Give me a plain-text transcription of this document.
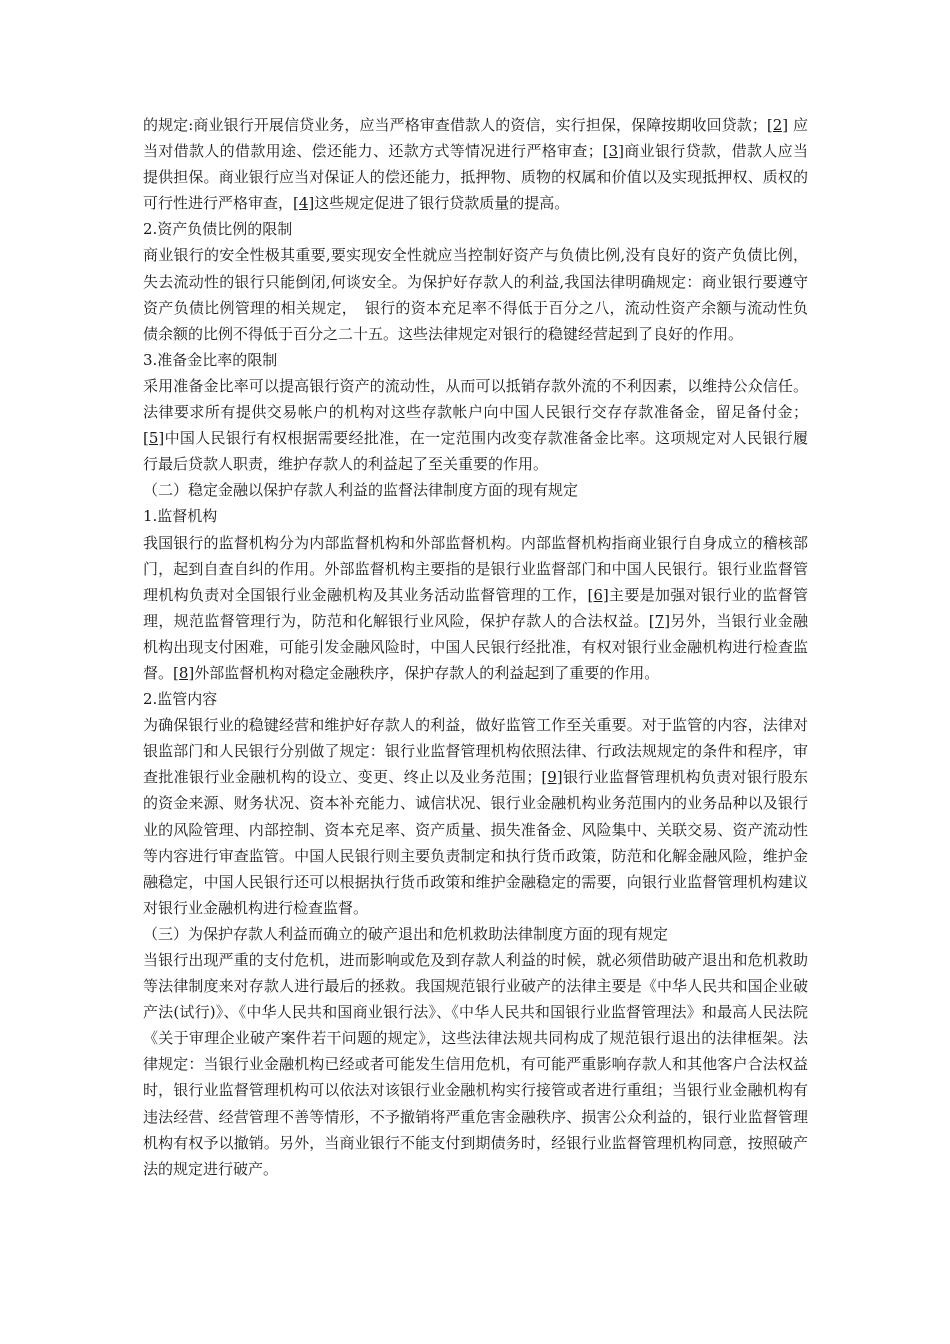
的规定:商业银行开展信贷业务，应当严格审查借款人的资信，实行担保，保障按期收回贷款；[2] 应当对借款人的借款用途、偿还能力、还款方式等情况进行严格审查；[3]商业银行贷款，借款人应当提供担保。商业银行应当对保证人的偿还能力，抵押物、质物的权属和价值以及实现抵押权、质权的可行性进行严格审查，[4]这些规定促进了银行贷款质量的提高。
2.资产负债比例的限制
商业银行的安全性极其重要,要实现安全性就应当控制好资产与负债比例,没有良好的资产负债比例，失去流动性的银行只能倒闭,何谈安全。为保护好存款人的利益,我国法律明确规定：商业银行要遵守资产负债比例管理的相关规定，　银行的资本充足率不得低于百分之八，流动性资产余额与流动性负债余额的比例不得低于百分之二十五。这些法律规定对银行的稳键经营起到了良好的作用。
3.准备金比率的限制
采用准备金比率可以提高银行资产的流动性，从而可以抵销存款外流的不利因素，以维持公众信任。法律要求所有提供交易帐户的机构对这些存款帐户向中国人民银行交存存款准备金，留足备付金；[5]中国人民银行有权根据需要经批准，在一定范围内改变存款准备金比率。这项规定对人民银行履行最后贷款人职责，维护存款人的利益起了至关重要的作用。
（二）稳定金融以保护存款人利益的监督法律制度方面的现有规定
1.监督机构
我国银行的监督机构分为内部监督机构和外部监督机构。内部监督机构指商业银行自身成立的稽核部门，起到自查自纠的作用。外部监督机构主要指的是银行业监督部门和中国人民银行。银行业监督管理机构负责对全国银行业金融机构及其业务活动监督管理的工作，[6]主要是加强对银行业的监督管理，规范监督管理行为，防范和化解银行业风险，保护存款人的合法权益。[7]另外，当银行业金融机构出现支付困难，可能引发金融风险时，中国人民银行经批准，有权对银行业金融机构进行检查监督。[8]外部监督机构对稳定金融秩序，保护存款人的利益起到了重要的作用。
2.监管内容
为确保银行业的稳键经营和维护好存款人的利益，做好监管工作至关重要。对于监管的内容，法律对银监部门和人民银行分别做了规定：银行业监督管理机构依照法律、行政法规规定的条件和程序，审查批准银行业金融机构的设立、变更、终止以及业务范围；[9]银行业监督管理机构负责对银行股东的资金来源、财务状况、资本补充能力、诚信状况、银行业金融机构业务范围内的业务品种以及银行业的风险管理、内部控制、资本充足率、资产质量、损失准备金、风险集中、关联交易、资产流动性等内容进行审查监管。中国人民银行则主要负责制定和执行货币政策，防范和化解金融风险，维护金融稳定，中国人民银行还可以根据执行货币政策和维护金融稳定的需要，向银行业监督管理机构建议对银行业金融机构进行检查监督。
（三）为保护存款人利益而确立的破产退出和危机救助法律制度方面的现有规定
当银行出现严重的支付危机，进而影响或危及到存款人利益的时候，就必须借助破产退出和危机救助等法律制度来对存款人进行最后的拯救。我国规范银行业破产的法律主要是《中华人民共和国企业破产法(试行)》、《中华人民共和国商业银行法》、《中华人民共和国银行业监督管理法》和最高人民法院《关于审理企业破产案件若干问题的规定》，这些法律法规共同构成了规范银行退出的法律框架。法律规定：当银行业金融机构已经或者可能发生信用危机，有可能严重影响存款人和其他客户合法权益时，银行业监督管理机构可以依法对该银行业金融机构实行接管或者进行重组；当银行业金融机构有违法经营、经营管理不善等情形，不予撤销将严重危害金融秩序、损害公众利益的，银行业监督管理机构有权予以撤销。另外，当商业银行不能支付到期债务时，经银行业监督管理机构同意，按照破产法的规定进行破产。
